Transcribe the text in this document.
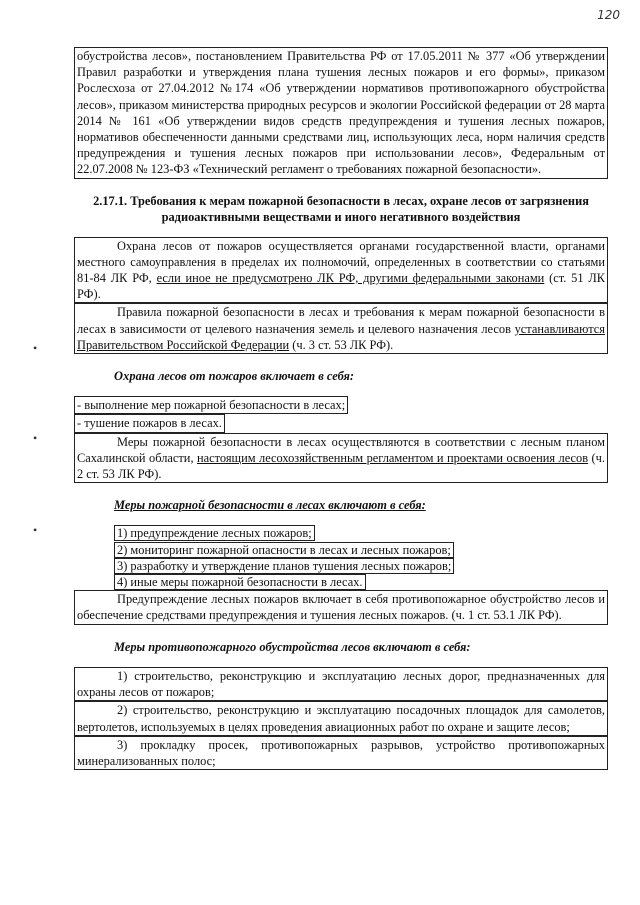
120
•
•
•

обустройства лесов», постановлением Правительства РФ от 17.05.2011 № 377 «Об утверждении Правил разработки и утверждения плана тушения лесных пожаров и его формы», приказом Рослесхоза от 27.04.2012 №174 «Об утверждении нормативов противопожарного обустройства лесов», приказом министерства природных ресурсов и экологии Российской федерации от 28 марта 2014 № 161 «Об утверждении видов средств предупреждения и тушения лесных пожаров, нормативов обеспеченности данными средствами лиц, использующих леса, норм наличия средств предупреждения и тушения лесных пожаров при использовании лесов», Федеральным от 22.07.2008 № 123-ФЗ «Технический регламент о требованиях пожарной безопасности».

2.17.1. Требования к мерам пожарной безопасности в лесах, охране лесов от загрязнения радиоактивными веществами и иного негативного воздействия

Охрана лесов от пожаров осуществляется органами государственной власти, органами местного самоуправления в пределах их полномочий, определенных в соответствии со статьями 81-84 ЛК РФ, если иное не предусмотрено ЛК РФ, другими федеральными законами (ст. 51 ЛК РФ).

Правила пожарной безопасности в лесах и требования к мерам пожарной безопасности в лесах в зависимости от целевого назначения земель и целевого назначения лесов устанавливаются Правительством Российской Федерации (ч. 3 ст. 53 ЛК РФ).

Охрана лесов от пожаров включает в себя:

- выполнение мер пожарной безопасности в лесах;

- тушение пожаров в лесах.

Меры пожарной безопасности в лесах осуществляются в соответствии с лесным планом Сахалинской области, настоящим лесохозяйственным регламентом и проектами освоения лесов (ч. 2 ст. 53 ЛК РФ).

Меры пожарной безопасности в лесах включают в себя:

1) предупреждение лесных пожаров;

2) мониторинг пожарной опасности в лесах и лесных пожаров;

3) разработку и утверждение планов тушения лесных пожаров;

4) иные меры пожарной безопасности в лесах.

Предупреждение лесных пожаров включает в себя противопожарное обустройство лесов и обеспечение средствами предупреждения и тушения лесных пожаров. (ч. 1 ст. 53.1 ЛК РФ).

Меры противопожарного обустройства лесов включают в себя:

1) строительство, реконструкцию и эксплуатацию лесных дорог, предназначенных для охраны лесов от пожаров;

2) строительство, реконструкцию и эксплуатацию посадочных площадок для самолетов, вертолетов, используемых в целях проведения авиационных работ по охране и защите лесов;

3) прокладку просек, противопожарных разрывов, устройство противопожарных минерализованных полос;
